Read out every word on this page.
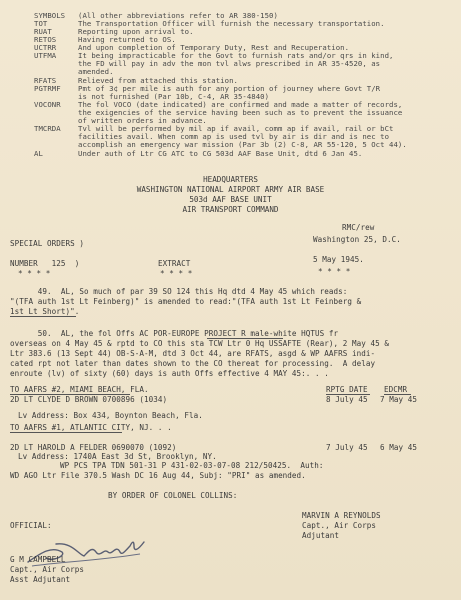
SYMBOLS (All other abbreviations refer to AR 380-150)
TOT	The Transportation Officer will furnish the necessary transportation.
RUAT	Reporting upon arrival to.
RETOS	Having returned to OS.
UCTRR	And upon completion of Temporary Duty, Rest and Recuperation.
UTFMA	It being impracticable for the Govt to furnish rats and/or qrs in kind,
the FD will pay in adv the mon tvl alws prescribed in AR 35-4520, as
amended.
RFATS	Relieved from attached this station.
PGTRMF Pmt of 3¢ per mile is auth for any portion of journey where Govt T/R
is not furnished (Par 10b, C-4, AR 35-4840)
VOCONR The fol VOCO (date indicated) are confirmed and made a matter of records,
the exigencies of the service having been such as to prevent the issuance
of written orders in advance.
TMCRDA Tvl will be performed by mil ap if avail, comm ap if avail, rail or bCt
facilities avail. When comm ap is used tvl by air is dir and is nec to
accomplish an emergency war mission (Par 3b (2) C-8, AR 55-120, 5 Oct 44).
AL	Under auth of Ltr CG ATC to CG 503d AAF Base Unit, dtd 6 Jan 45.
HEADQUARTERS
WASHINGTON NATIONAL AIRPORT ARMY AIR BASE
503d AAF BASE UNIT
AIR TRANSPORT COMMAND
RMC/rew
Washington 25, D.C.
SPECIAL ORDERS )
NUMBER   125  )
* * * *
EXTRACT
* * * *
5 May 1945.
* * * *
49.  AL, So much of par 39 SO 124 this Hq dtd 4 May 45 which reads:
"(TFA auth 1st Lt Feinberg)" is amended to read:"(TFA auth 1st Lt Feinberg &
1st Lt Short)".
50.  AL, the fol Offs AC POR-EUROPE PROJECT R male-white HQTUS fr
overseas on 4 May 45 & rptd to CO this sta TCW Ltr 0 Hq USSAFTE (Rear), 2 May 45 &
Ltr 383.6 (13 Sept 44) OB-S-A-M, dtd 3 Oct 44, are RFATS, asgd & WP AAFRS indi-
cated rpt not later than dates shown to the CO thereat for processing.  A delay
enroute (lv) of sixty (60) days is auth Offs effective 4 MAY 45:. . .
TO AAFRS #2, MIAMI BEACH, FLA.	RPTG DATE EDCMR
2D LT CLYDE D BROWN 0700896 (1034)	8 July 45 7 May 45
Lv Address: Box 434, Boynton Beach, Fla.
TO AAFRS #1, ATLANTIC CITY, NJ. . .
2D LT HAROLD A FELDER 0690070 (1092)	7 July 45 6 May 45
Lv Address: 1740A East 3d St, Brooklyn, NY.
WP PCS TPA TDN 501-31 P 431-02-03-07-08 212/50425.  Auth:
WD AGO Ltr File 370.5 Wash DC 16 Aug 44, Subj: "PRI" as amended.
BY ORDER OF COLONEL COLLINS:
MARVIN A REYNOLDS
Capt., Air Corps
Adjutant
OFFICIAL:
G M CAMPBELL
Capt., Air Corps
Asst Adjutant
